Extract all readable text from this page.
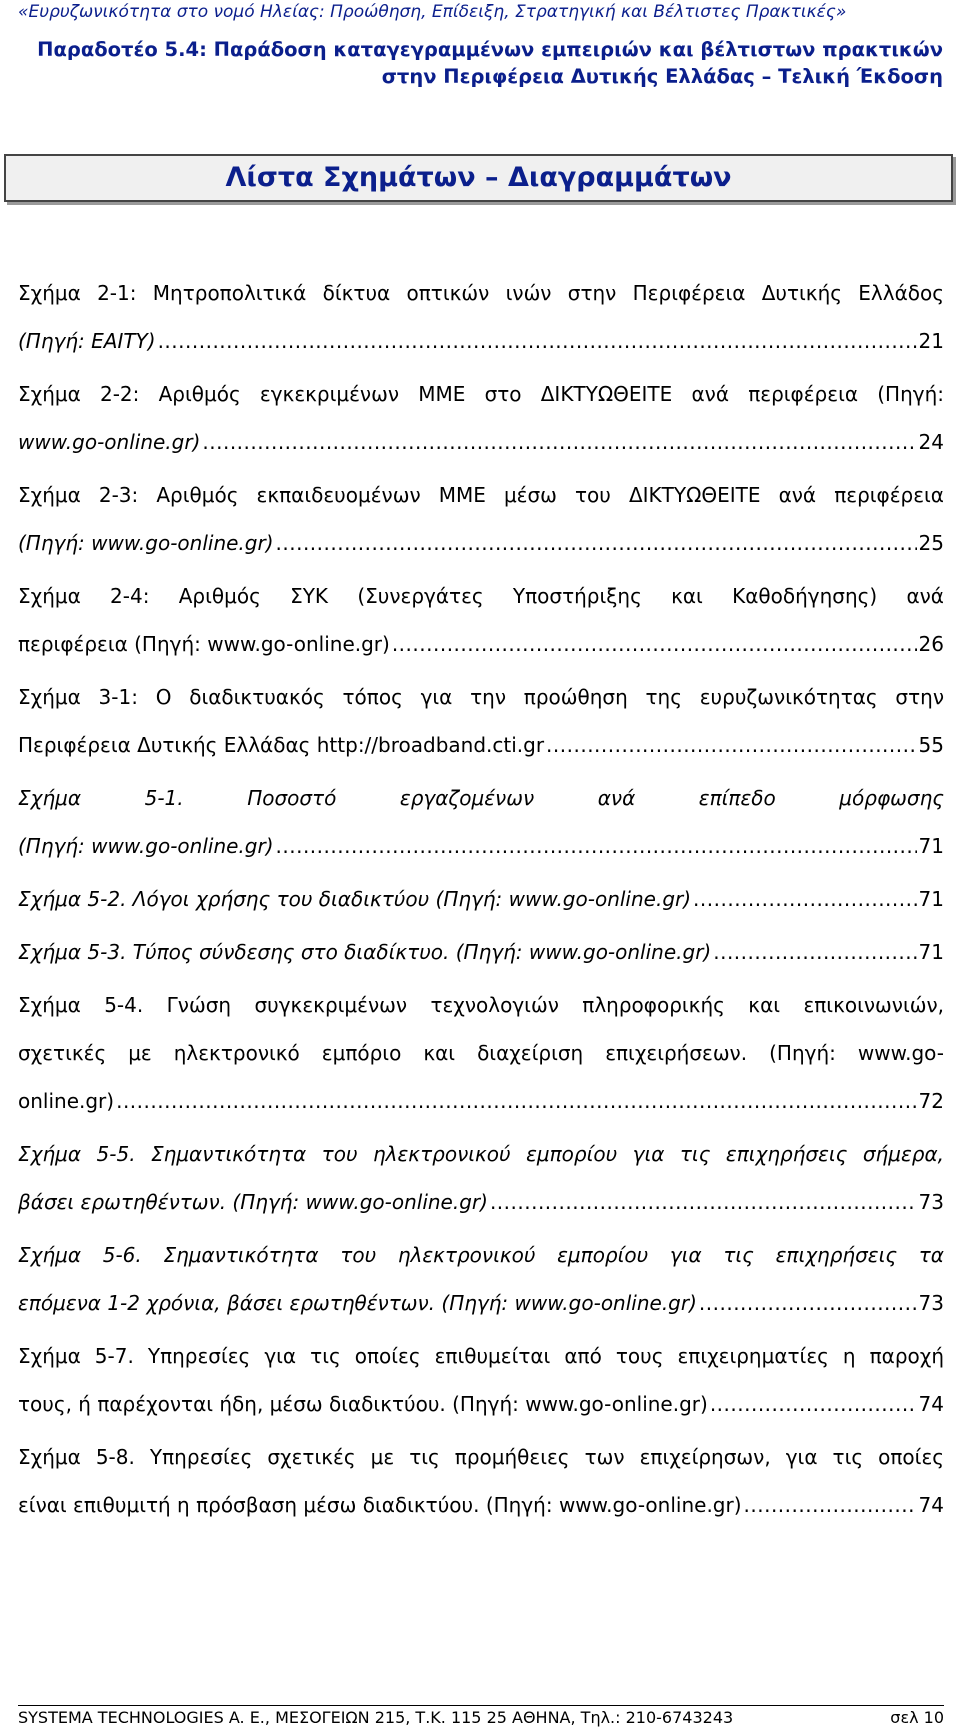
«Ευρυζωνικότητα στο νομό Ηλείας: Προώθηση, Επίδειξη, Στρατηγική και Βέλτιστες Πρακτικές»
Παραδοτέο 5.4: Παράδοση καταγεγραμμένων εμπειριών και βέλτιστων πρακτικών
στην Περιφέρεια Δυτικής Ελλάδας – Τελική Έκδοση
Λίστα Σχημάτων – Διαγραμμάτων
Σχήμα 2-1: Μητροπολιτικά δίκτυα οπτικών ινών στην Περιφέρεια Δυτικής Ελλάδος
(Πηγή: ΕΑΙΤΥ) .....	21
Σχήμα 2-2: Αριθμός εγκεκριμένων ΜΜΕ στο ΔΙΚΤΥΩΘΕΙΤΕ ανά περιφέρεια (Πηγή:
www.go-online.gr) .....	24
Σχήμα 2-3: Αριθμός εκπαιδευομένων ΜΜΕ μέσω του ΔΙΚΤΥΩΘΕΙΤΕ ανά περιφέρεια
(Πηγή: www.go-online.gr) .....	25
Σχήμα 2-4: Αριθμός ΣΥΚ (Συνεργάτες Υποστήριξης και Καθοδήγησης) ανά
περιφέρεια (Πηγή: www.go-online.gr) .....	26
Σχήμα 3-1: Ο διαδικτυακός τόπος για την προώθηση της ευρυζωνικότητας στην
Περιφέρεια Δυτικής Ελλάδας http://broadband.cti.gr .....	55
Σχήμα 5-1. Ποσοστό εργαζομένων ανά επίπεδο μόρφωσης
(Πηγή: www.go-online.gr) .....	71
Σχήμα 5-2. Λόγοι χρήσης του διαδικτύου (Πηγή: www.go-online.gr) .....	71
Σχήμα 5-3. Τύπος σύνδεσης στο διαδίκτυο. (Πηγή: www.go-online.gr) .....	71
Σχήμα 5-4. Γνώση συγκεκριμένων τεχνολογιών πληροφορικής και επικοινωνιών,
σχετικές με ηλεκτρονικό εμπόριο και διαχείριση επιχειρήσεων. (Πηγή: www.go-
online.gr) .....	72
Σχήμα 5-5. Σημαντικότητα του ηλεκτρονικού εμπορίου για τις επιχηρήσεις σήμερα,
βάσει ερωτηθέντων. (Πηγή: www.go-online.gr) .....	73
Σχήμα 5-6. Σημαντικότητα του ηλεκτρονικού εμπορίου για τις επιχηρήσεις τα
επόμενα 1-2 χρόνια, βάσει ερωτηθέντων. (Πηγή: www.go-online.gr) .....	73
Σχήμα 5-7. Υπηρεσίες για τις οποίες επιθυμείται από τους επιχειρηματίες η παροχή
τους, ή παρέχονται ήδη, μέσω διαδικτύου. (Πηγή: www.go-online.gr) .....	74
Σχήμα 5-8. Υπηρεσίες σχετικές με τις προμήθειες των επιχείρησων, για τις οποίες
είναι επιθυμιτή η πρόσβαση μέσω διαδικτύου. (Πηγή: www.go-online.gr) .....	74
SYSTEMA TECHNOLOGIES A. E., ΜΕΣΟΓΕΙΩΝ 215, Τ.Κ. 115 25 ΑΘΗΝΑ, Τηλ.: 210-6743243	σελ 10
